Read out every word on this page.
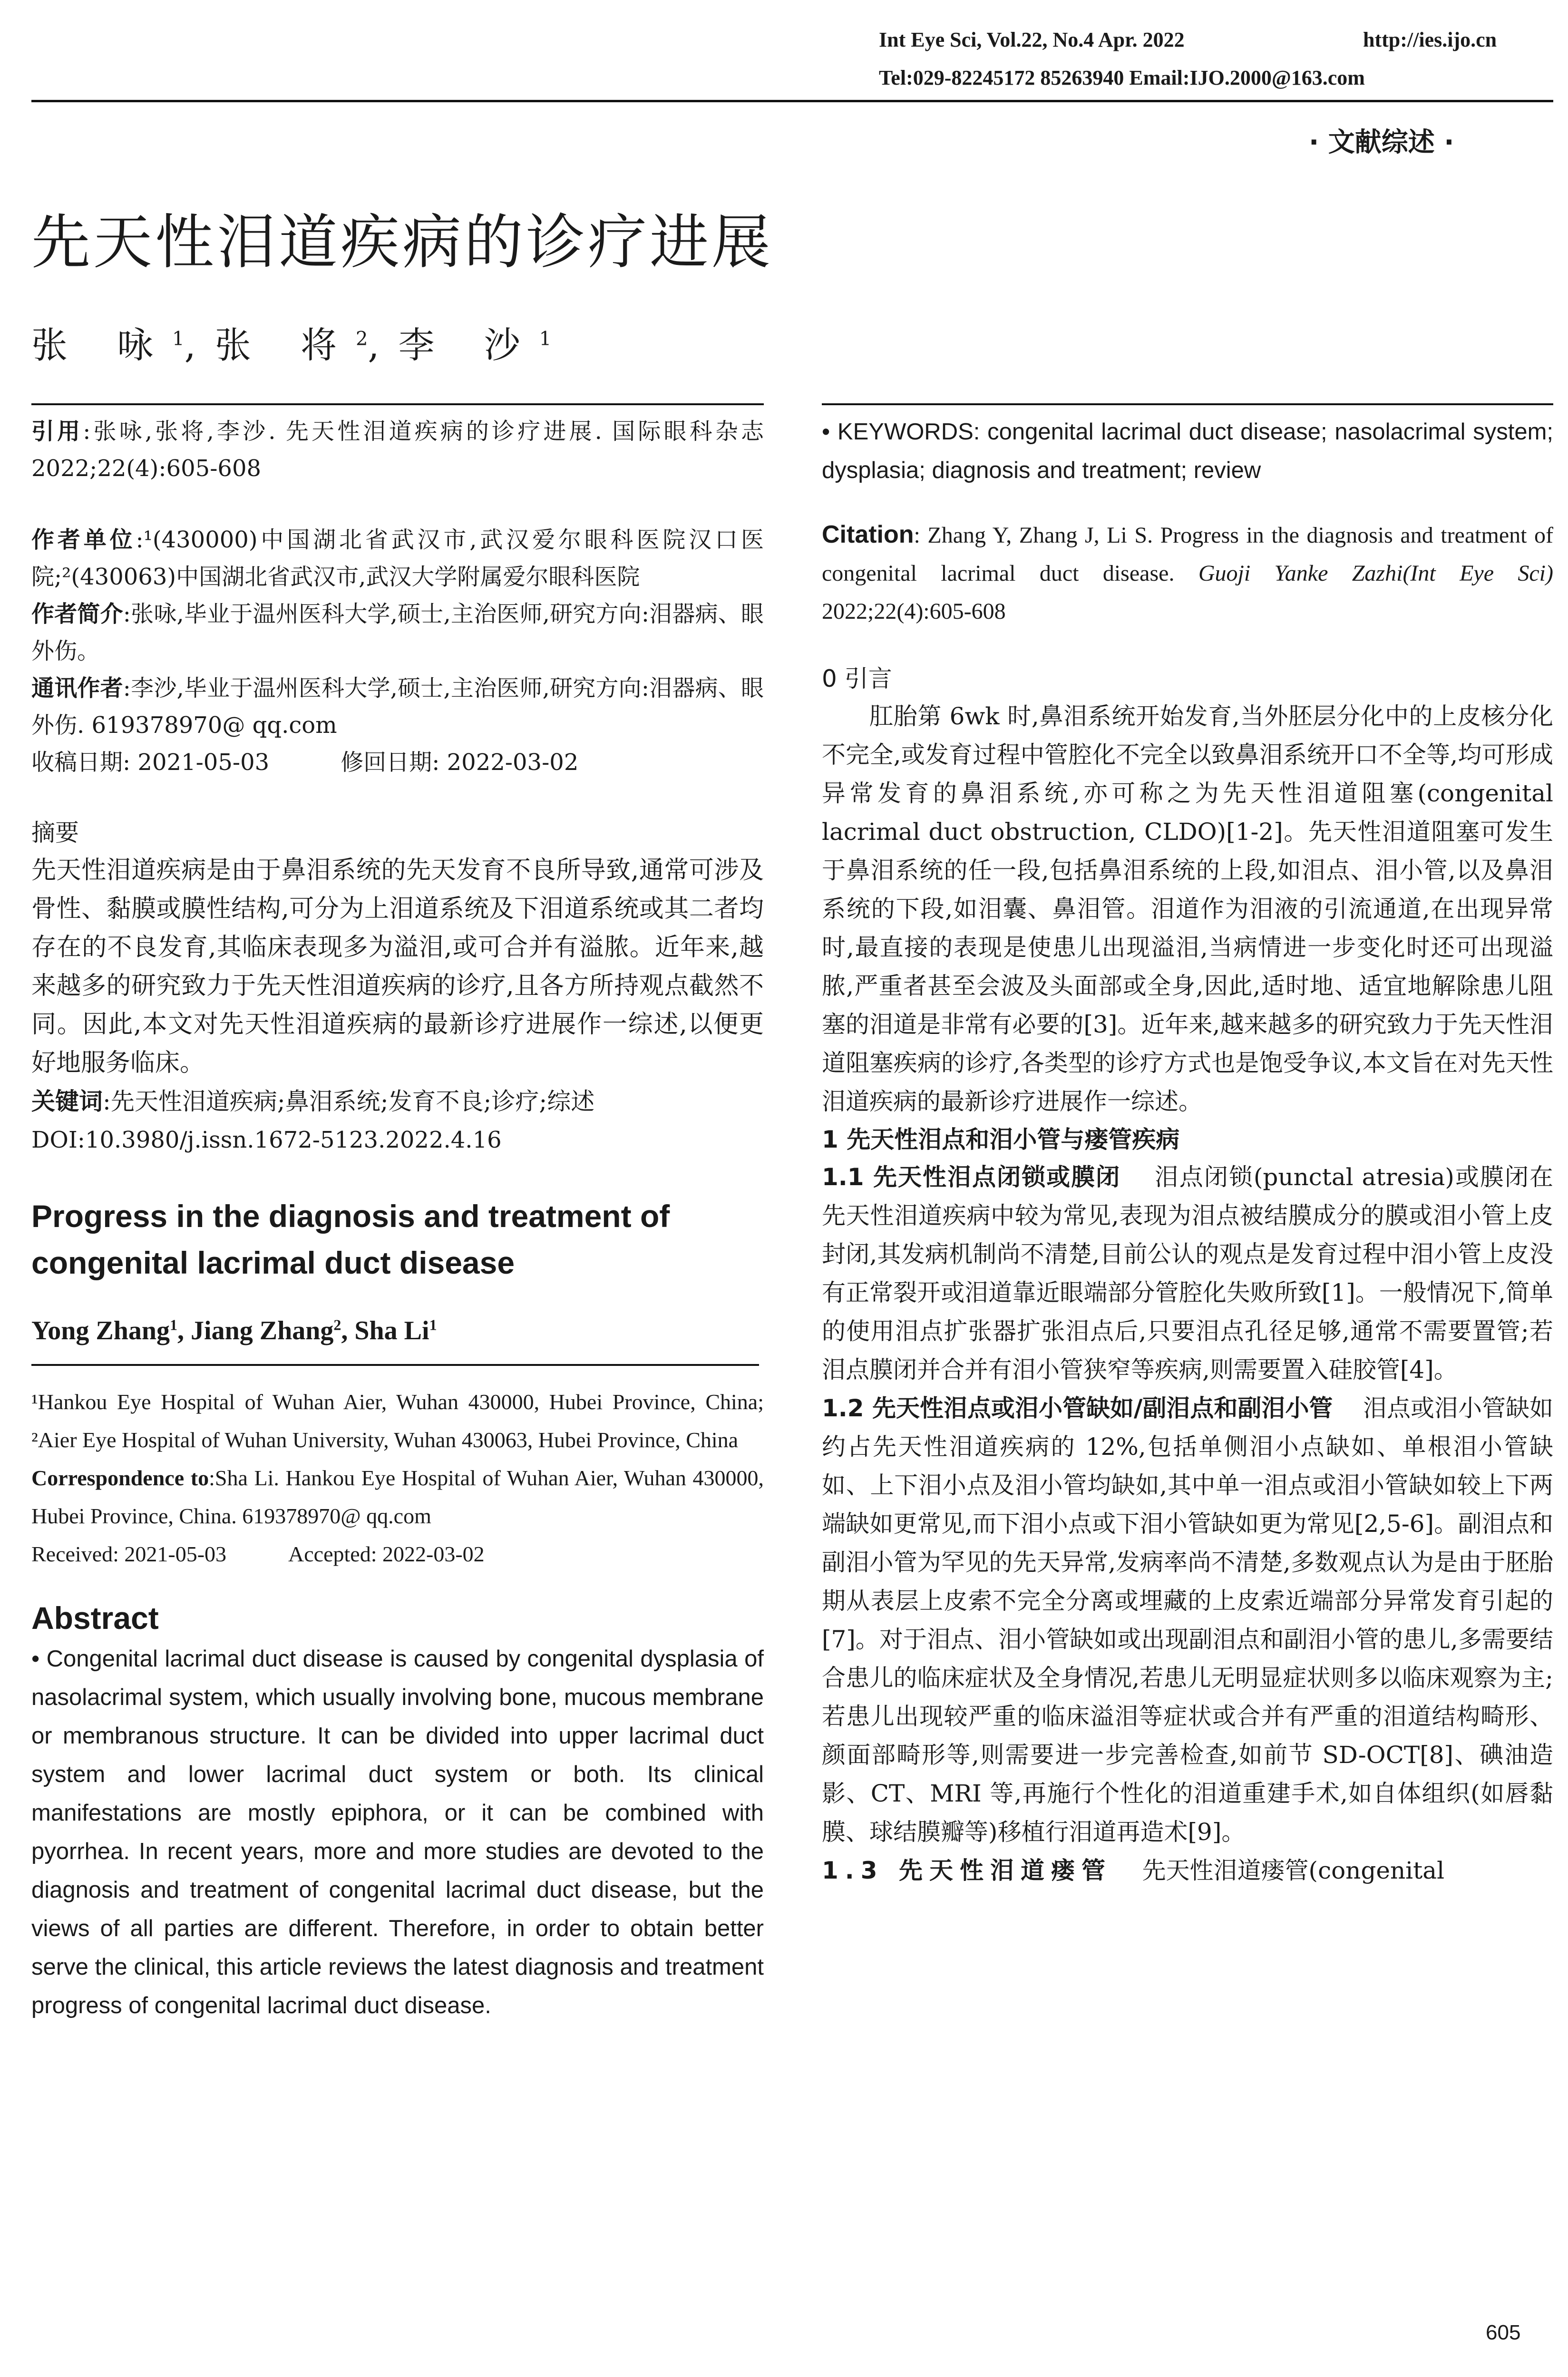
Int Eye Sci, Vol.22, No.4 Apr. 2022	http://ies.ijo.cn
Tel:029-82245172 85263940 Email:IJO.2000@163.com
· 文献综述 ·
先天性泪道疾病的诊疗进展
张 咏$^1$,张 将$^2$,李 沙$^1$
引用:张咏,张将,李沙. 先天性泪道疾病的诊疗进展. 国际眼科杂志 2022;22(4):605-608
作者单位:¹(430000)中国湖北省武汉市,武汉爱尔眼科医院汉口医院;²(430063)中国湖北省武汉市,武汉大学附属爱尔眼科医院
作者简介:张咏,毕业于温州医科大学,硕士,主治医师,研究方向:泪器病、眼外伤。
通讯作者:李沙,毕业于温州医科大学,硕士,主治医师,研究方向:泪器病、眼外伤. 619378970@ qq.com
收稿日期: 2021-05-03	修回日期: 2022-03-02
摘要

先天性泪道疾病是由于鼻泪系统的先天发育不良所导致,通常可涉及骨性、黏膜或膜性结构,可分为上泪道系统及下泪道系统或其二者均存在的不良发育,其临床表现多为溢泪,或可合并有溢脓。近年来,越来越多的研究致力于先天性泪道疾病的诊疗,且各方所持观点截然不同。因此,本文对先天性泪道疾病的最新诊疗进展作一综述,以便更好地服务临床。

关键词:先天性泪道疾病;鼻泪系统;发育不良;诊疗;综述
DOI:10.3980/j.issn.1672-5123.2022.4.16
Progress in the diagnosis and treatment of congenital lacrimal duct disease
Yong Zhang$^1$, Jiang Zhang$^2$, Sha Li$^1$
¹Hankou Eye Hospital of Wuhan Aier, Wuhan 430000, Hubei Province, China; ²Aier Eye Hospital of Wuhan University, Wuhan 430063, Hubei Province, China
Correspondence to:Sha Li. Hankou Eye Hospital of Wuhan Aier, Wuhan 430000, Hubei Province, China. 619378970@ qq.com
Received: 2021-05-03	Accepted: 2022-03-02
Abstract

• Congenital lacrimal duct disease is caused by congenital dysplasia of nasolacrimal system, which usually involving bone, mucous membrane or membranous structure. It can be divided into upper lacrimal duct system and lower lacrimal duct system or both. Its clinical manifestations are mostly epiphora, or it can be combined with pyorrhea. In recent years, more and more studies are devoted to the diagnosis and treatment of congenital lacrimal duct disease, but the views of all parties are different. Therefore, in order to obtain better serve the clinical, this article reviews the latest diagnosis and treatment progress of congenital lacrimal duct disease.

• KEYWORDS: congenital lacrimal duct disease; nasolacrimal system; dysplasia; diagnosis and treatment; review

Citation: Zhang Y, Zhang J, Li S. Progress in the diagnosis and treatment of congenital lacrimal duct disease. Guoji Yanke Zazhi(Int Eye Sci) 2022;22(4):605-608

0 引言

肛胎第 6wk 时,鼻泪系统开始发育,当外胚层分化中的上皮核分化不完全,或发育过程中管腔化不完全以致鼻泪系统开口不全等,均可形成异常发育的鼻泪系统,亦可称之为先天性泪道阻塞(congenital lacrimal duct obstruction, CLDO)[1-2]。先天性泪道阻塞可发生于鼻泪系统的任一段,包括鼻泪系统的上段,如泪点、泪小管,以及鼻泪系统的下段,如泪囊、鼻泪管。泪道作为泪液的引流通道,在出现异常时,最直接的表现是使患儿出现溢泪,当病情进一步变化时还可出现溢脓,严重者甚至会波及头面部或全身,因此,适时地、适宜地解除患儿阻塞的泪道是非常有必要的[3]。近年来,越来越多的研究致力于先天性泪道阻塞疾病的诊疗,各类型的诊疗方式也是饱受争议,本文旨在对先天性泪道疾病的最新诊疗进展作一综述。

1 先天性泪点和泪小管与瘘管疾病

1.1 先天性泪点闭锁或膜闭 泪点闭锁(punctal atresia)或膜闭在先天性泪道疾病中较为常见,表现为泪点被结膜成分的膜或泪小管上皮封闭,其发病机制尚不清楚,目前公认的观点是发育过程中泪小管上皮没有正常裂开或泪道靠近眼端部分管腔化失败所致[1]。一般情况下,简单的使用泪点扩张器扩张泪点后,只要泪点孔径足够,通常不需要置管;若泪点膜闭并合并有泪小管狭窄等疾病,则需要置入硅胶管[4]。

1.2 先天性泪点或泪小管缺如/副泪点和副泪小管 泪点或泪小管缺如约占先天性泪道疾病的 12%,包括单侧泪小点缺如、单根泪小管缺如、上下泪小点及泪小管均缺如,其中单一泪点或泪小管缺如较上下两端缺如更常见,而下泪小点或下泪小管缺如更为常见[2,5-6]。副泪点和副泪小管为罕见的先天异常,发病率尚不清楚,多数观点认为是由于胚胎期从表层上皮索不完全分离或埋藏的上皮索近端部分异常发育引起的[7]。对于泪点、泪小管缺如或出现副泪点和副泪小管的患儿,多需要结合患儿的临床症状及全身情况,若患儿无明显症状则多以临床观察为主;若患儿出现较严重的临床溢泪等症状或合并有严重的泪道结构畸形、颜面部畸形等,则需要进一步完善检查,如前节 SD-OCT[8]、碘油造影、CT、MRI 等,再施行个性化的泪道重建手术,如自体组织(如唇黏膜、球结膜瓣等)移植行泪道再造术[9]。

1.3 先天性泪道瘘管 先天性泪道瘘管(congenital

605
